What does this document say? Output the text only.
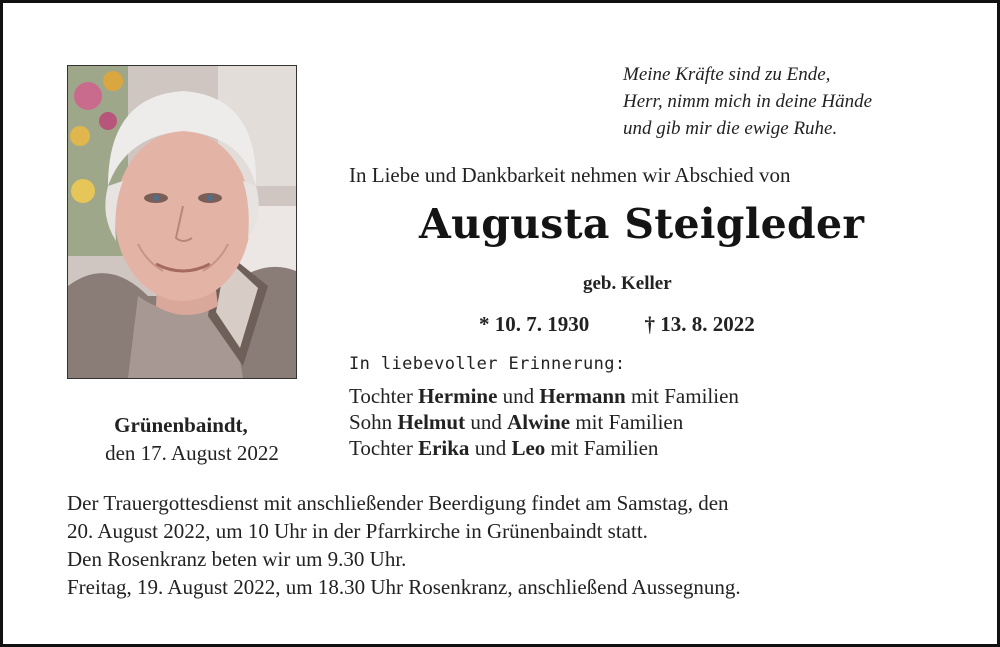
Meine Kräfte sind zu Ende,
Herr, nimm mich in deine Hände
und gib mir die ewige Ruhe.
In Liebe und Dankbarkeit nehmen wir Abschied von
Augusta Steigleder
geb. Keller
* 10. 7. 1930	† 13. 8. 2022
In liebevoller Erinnerung:
Tochter Hermine und Hermann mit Familien
Sohn Helmut und Alwine mit Familien
Tochter Erika und Leo mit Familien
Grünenbaindt,
den 17. August 2022
Der Trauergottesdienst mit anschließender Beerdigung findet am Samstag, den
20. August 2022, um 10 Uhr in der Pfarrkirche in Grünenbaindt statt.
Den Rosenkranz beten wir um 9.30 Uhr.
Freitag, 19. August 2022, um 18.30 Uhr Rosenkranz, anschließend Aussegnung.
